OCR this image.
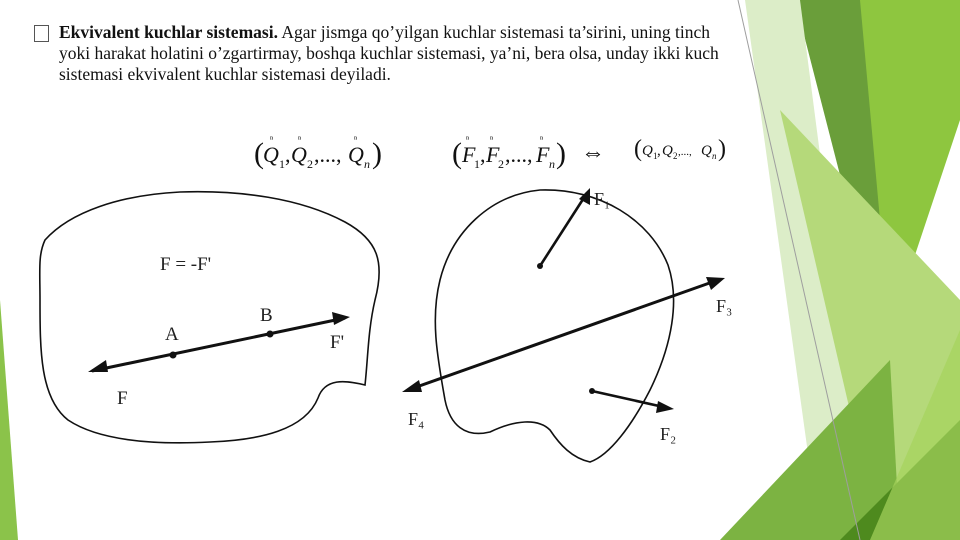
Ekvivalent kuchlar sistemasi. Agar jismga qo’yilgan kuchlar sistemasi ta’sirini, uning tinch yoki harakat holatini o’zgartirmay, boshqa kuchlar sistemasi, ya’ni, bera olsa, unday ikki kuch sistemasi ekvivalent kuchlar sistemasi deyiladi.
( Q 1 , Q 2 ,..., Q n )
ⁿ ⁿ	ⁿ	( F
1 , F
2 ,..., F n )
ⁿ ⁿ	ⁿ
⇔ ( Q 1 , Q 2 ,..., Q n )
F = -F'
A
B
F
F'
F₁
F₃
F₄
F₂
